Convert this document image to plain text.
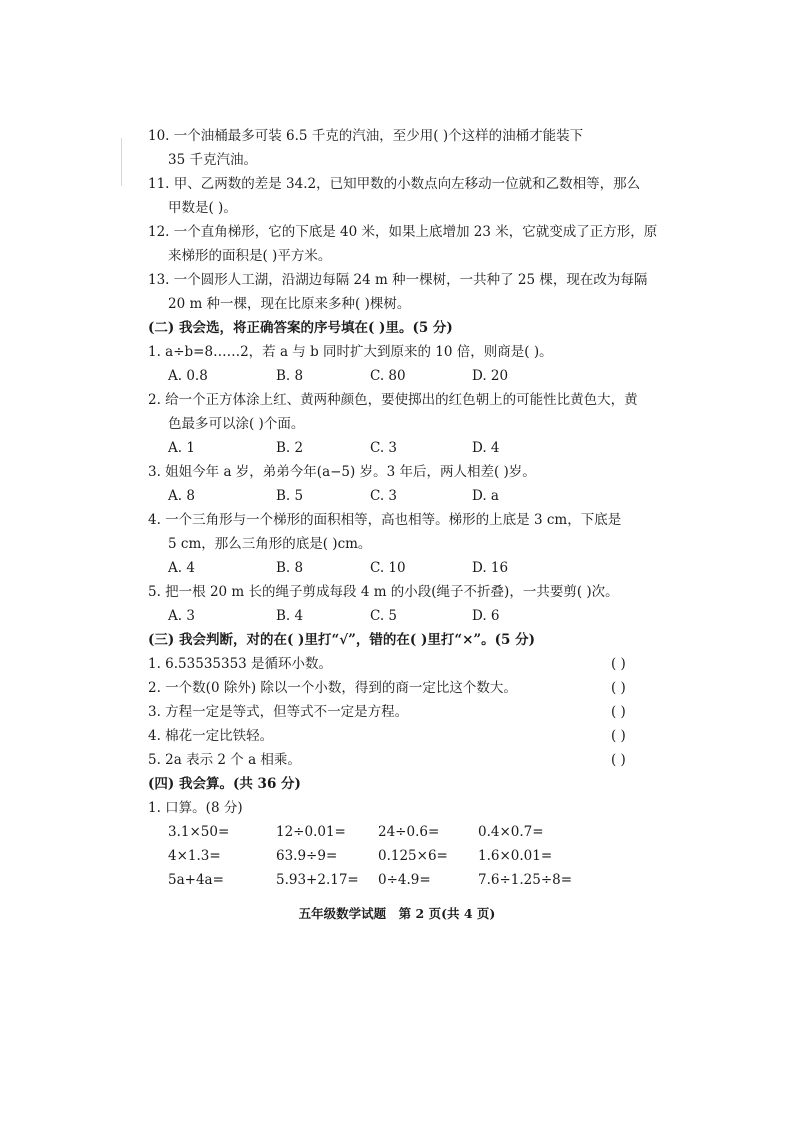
10. 一个油桶最多可装 6.5 千克的汽油，至少用( )个这样的油桶才能装下
35 千克汽油。
11. 甲、乙两数的差是 34.2，已知甲数的小数点向左移动一位就和乙数相等，那么
甲数是( )。
12. 一个直角梯形，它的下底是 40 米，如果上底增加 23 米，它就变成了正方形，原
来梯形的面积是( )平方米。
13. 一个圆形人工湖，沿湖边每隔 24 m 种一棵树，一共种了 25 棵，现在改为每隔
20 m 种一棵，现在比原来多种( )棵树。
(二) 我会选，将正确答案的序号填在( )里。(5 分)
1. a÷b=8……2，若 a 与 b 同时扩大到原来的 10 倍，则商是( )。
A. 0.8	B. 8	C. 80	D. 20
2. 给一个正方体涂上红、黄两种颜色，要使掷出的红色朝上的可能性比黄色大，黄
色最多可以涂( )个面。
A. 1	B. 2	C. 3	D. 4
3. 姐姐今年 a 岁，弟弟今年(a−5) 岁。3 年后，两人相差( )岁。
A. 8	B. 5	C. 3	D. a
4. 一个三角形与一个梯形的面积相等，高也相等。梯形的上底是 3 cm，下底是
5 cm，那么三角形的底是( )cm。
A. 4	B. 8	C. 10	D. 16
5. 把一根 20 m 长的绳子剪成每段 4 m 的小段(绳子不折叠)，一共要剪( )次。
A. 3	B. 4	C. 5	D. 6
(三) 我会判断，对的在( )里打“√”，错的在( )里打“×”。(5 分)
1. 6.53535353 是循环小数。	( )
2. 一个数(0 除外) 除以一个小数，得到的商一定比这个数大。	( )
3. 方程一定是等式，但等式不一定是方程。	( )
4. 棉花一定比铁轻。	( )
5. 2a 表示 2 个 a 相乘。	( )
(四) 我会算。(共 36 分)
1. 口算。(8 分)
3.1×50=	12÷0.01= 24÷0.6=	0.4×0.7=
4×1.3=	63.9÷9=	0.125×6= 1.6×0.01=
5a+4a=	5.93+2.17= 0÷4.9=	7.6÷1.25÷8=
五年级数学试题　第 2 页(共 4 页)
